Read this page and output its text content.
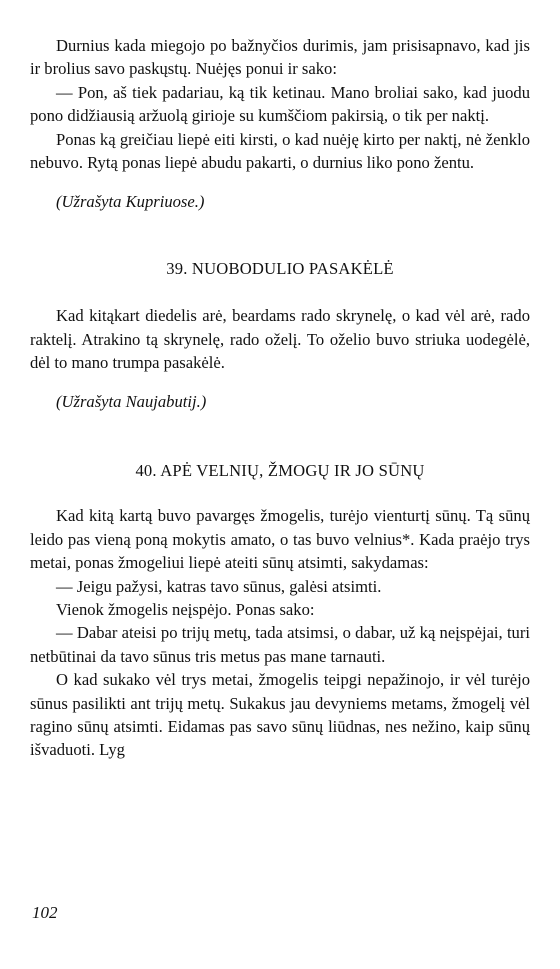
Durnius kada miegojo po bažnyčios durimis, jam prisisapnavo, kad jis ir brolius savo paskųstų. Nuėjęs ponui ir sako:

— Pon, aš tiek padariau, ką tik ketinau. Mano broliai sako, kad juodu pono didžiausią aržuolą girioje su kumščiom pakirsią, o tik per naktį.

Ponas ką greičiau liepė eiti kirsti, o kad nuėję kirto per naktį, nė ženklo nebuvo. Rytą ponas liepė abudu pakarti, o durnius liko pono žentu.

(Užrašyta Kupriuose.)

39. NUOBODULIO PASAKĖLĖ

Kad kitąkart diedelis arė, beardams rado skrynelę, o kad vėl arė, rado raktelį. Atrakino tą skrynelę, rado oželį. To oželio buvo striuka uodegėlė, dėl to mano trumpa pasakėlė.

(Užrašyta Naujabutij.)

40. APĖ VELNIŲ, ŽMOGŲ IR JO SŪNŲ

Kad kitą kartą buvo pavargęs žmogelis, turėjo vienturtį sūnų. Tą sūnų leido pas vieną poną mokytis amato, o tas buvo velnius*. Kada praėjo trys metai, ponas žmogeliui liepė ateiti sūnų atsimti, sakydamas:

— Jeigu pažysi, katras tavo sūnus, galėsi atsimti.

Vienok žmogelis neįspėjo. Ponas sako:

— Dabar ateisi po trijų metų, tada atsimsi, o dabar, už ką neįspėjai, turi netbūtinai da tavo sūnus tris metus pas mane tarnauti.

O kad sukako vėl trys metai, žmogelis teipgi nepažinojo, ir vėl turėjo sūnus pasilikti ant trijų metų. Sukakus jau devyniems metams, žmogelį vėl ragino sūnų atsimti. Eidamas pas savo sūnų liūdnas, nes nežino, kaip sūnų išvaduoti. Lyg

102
